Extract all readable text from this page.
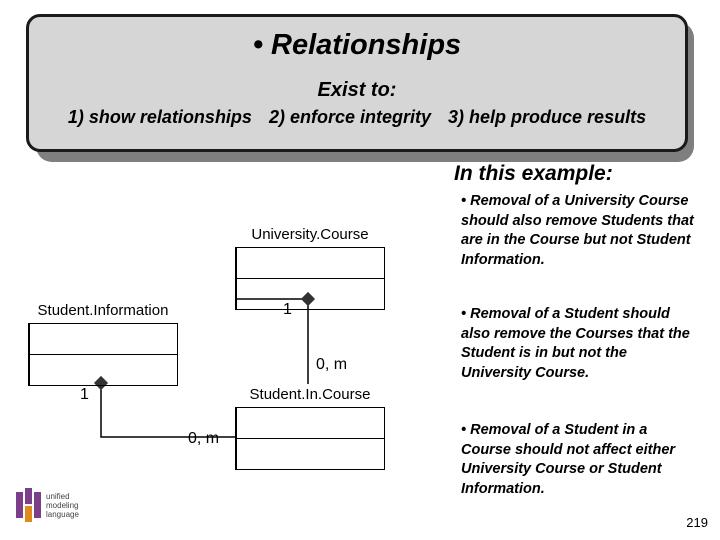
• Relationships
Exist to:
1) show relationships 2) enforce integrity 3) help produce results
In this example:
• Removal of a University Course should also remove Students that are in the Course but not Student Information.
• Removal of a Student should also remove the Courses that the Student is in but not the University Course.
• Removal of a Student in a Course should not affect either University Course or Student Information.
University.Course
Student.Information
Student.In.Course
1
0, m
1
0, m
unified
modeling
language
219
